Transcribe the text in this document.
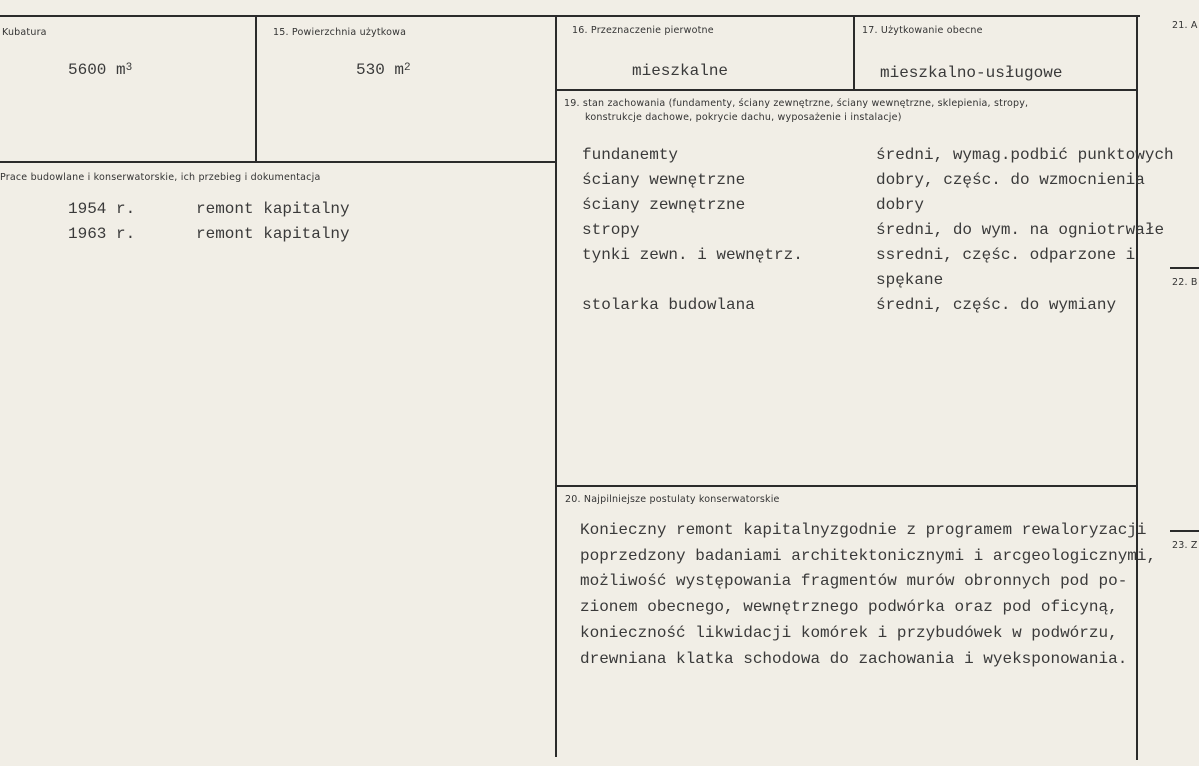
Kubatura
5600 $m^3$
15. Powierzchnia użytkowa
530 $m^2$
16. Przeznaczenie pierwotne
mieszkalne
17. Użytkowanie obecne
mieszkalno-usługowe
19. stan zachowania (fundamenty, ściany zewnętrzne, ściany wewnętrzne, sklepienia, stropy,
konstrukcje dachowe, pokrycie dachu, wyposażenie i instalacje)
fundanemty	średni, wymag.podbić punktowych
ściany wewnętrzne	dobry, częśc. do wzmocnienia
ściany zewnętrzne	dobry
stropy	średni, do wym. na ogniotrwałe
tynki zewn. i wewnętrz.	ssredni, częśc. odparzone i
spękane
stolarka budowlana	średni, częśc. do wymiany
Prace budowlane i konserwatorskie, ich przebieg i dokumentacja
1954 r.	remont kapitalny
1963 r.	remont kapitalny
20. Najpilniejsze postulaty konserwatorskie
Konieczny remont kapitalnyzgodnie z programem rewaloryzacji
poprzedzony badaniami architektonicznymi i arcgeologicznymi,
możliwość występowania fragmentów murów obronnych pod po-
zionem obecnego, wewnętrznego podwórka oraz pod oficyną,
konieczność likwidacji komórek i przybudówek w podwórzu,
drewniana klatka schodowa do zachowania i wyeksponowania.
21. A
22. B
23. Z
